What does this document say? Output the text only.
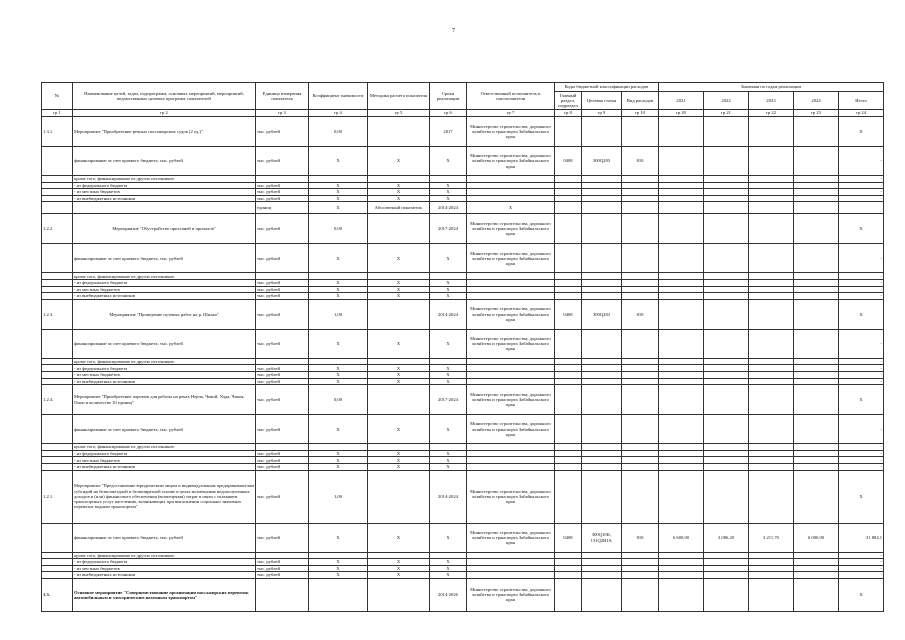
7
№	Наименование целей, задач, подпрограмм, основных мероприятий, мероприятий, ведомственных целевых программ, показателей	Единица измерения показателя	Коэффициент значимости	Методика расчета показателя	Сроки реализации	Ответственный исполнитель и соисполнители	Коды бюджетной классификации расходов			Значения по годам реализации				
							Главный раздел, подраздел	Целевая статья	Вид расходов	2021	2022	2023	2024	Итого
гр 1	гр 2	гр 3	гр 4	гр 5	гр 6	гр 7	гр 8	гр 9	гр 10	гр 20	гр 21	гр 22	гр 23	гр 24
1.3.1.	Мероприятие "Приобретение речных пассажирских судов (2 ед.)"	тыс. рублей	0,00		2017	Министерство строительства, дорожного хозяйства и транспорта Забайкальского края								X
	финансирование за счет краевого бюджета, тыс. рублей	тыс. рублей	X	X	X	Министерство строительства, дорожного хозяйства и транспорта Забайкальского края	0408	300Q283	810					-
	кроме того, финансирование из других источников:													-
	- из федерального бюджета	тыс. рублей	X	X	X									-
	- из местных бюджетов	тыс. рублей	X	X	X									-
	- из внебюджетных источников	тыс. рублей	X	X	X									-
		единиц	X	Абсолютный показатель	2014-2024	X								
1.2.2.	Мероприятие "Обустройство пристаней и причалов"	тыс. рублей	0,00		2017-2024	Министерство строительства, дорожного хозяйства и транспорта Забайкальского края								X
	финансирование за счет краевого бюджета, тыс. рублей	тыс. рублей	X	X	X	Министерство строительства, дорожного хозяйства и транспорта Забайкальского края								-
	кроме того, финансирование из других источников:													-
	- из федерального бюджета	тыс. рублей	X	X	X									-
	- из местных бюджетов	тыс. рублей	X	X	X									-
	- из внебюджетных источников	тыс. рублей	X	X	X									-
1.2.3.	Мероприятие "Проведение путевых работ на р. Шилка"	тыс. рублей	1,00		2014-2024	Министерство строительства, дорожного хозяйства и транспорта Забайкальского края	0408	300Q283	810					X
	финансирование за счет краевого бюджета, тыс. рублей	тыс. рублей	X	X	X	Министерство строительства, дорожного хозяйства и транспорта Забайкальского края								-
	кроме того, финансирование из других источников:													-
	- из федерального бюджета	тыс. рублей	X	X	X									-
	- из местных бюджетов	тыс. рублей	X	X	X									-
	- из внебюджетных источников	тыс. рублей	X	X	X									-
1.2.4.	Мероприятие "Приобретение паромов для работы на реках Нерча, Чикой, Унда, Чикоя, Онон и количестве 10 единиц"	тыс. рублей	0,00		2017-2024	Министерство строительства, дорожного хозяйства и транспорта Забайкальского края								X
	финансирование за счет краевого бюджета, тыс. рублей	тыс. рублей	X	X	X	Министерство строительства, дорожного хозяйства и транспорта Забайкальского края								-
	кроме того, финансирование из других источников:													-
	- из федерального бюджета	тыс. рублей	X	X	X									-
	- из местных бюджетов	тыс. рублей	X	X	X									-
	- из внебюджетных источников	тыс. рублей	X	X	X									-
1.2.1.	Мероприятие "Предоставление юридическим лицам и индивидуальным предпринимателям субсидий на безвозмездной и безвозвратной основе в целях возмещения недополученных доходов и (или) финансового обеспечения (возмещения) затрат в связи с оказанием транспортных услуг населению, возникающих при выполнении социально значимых перевозок водным транспортом"	тыс. рублей	1,00		2014-2024	Министерство строительства, дорожного хозяйства и транспорта Забайкальского края								X
	финансирование за счет краевого бюджета, тыс. рублей	тыс. рублей	X	X	X	Министерство строительства, дорожного хозяйства и транспорта Забайкальского края	0408	300Q10K; 131Q2H10;	810	6 600,00	3 086,20	3 211,70	6 000,00	31 884,1
	кроме того, финансирование из других источников:													-
	- из федерального бюджета	тыс. рублей	X	X	X									-
	- из местных бюджетов	тыс. рублей	X	X	X									-
	- из внебюджетных источников	тыс. рублей	X	X	X									-
1.3.	Основное мероприятие "Совершенствование организации пассажирских перевозок автомобильным и электрическим наземным транспортом"				2014-2026	Министерство строительства, дорожного хозяйства и транспорта Забайкальского края								X
